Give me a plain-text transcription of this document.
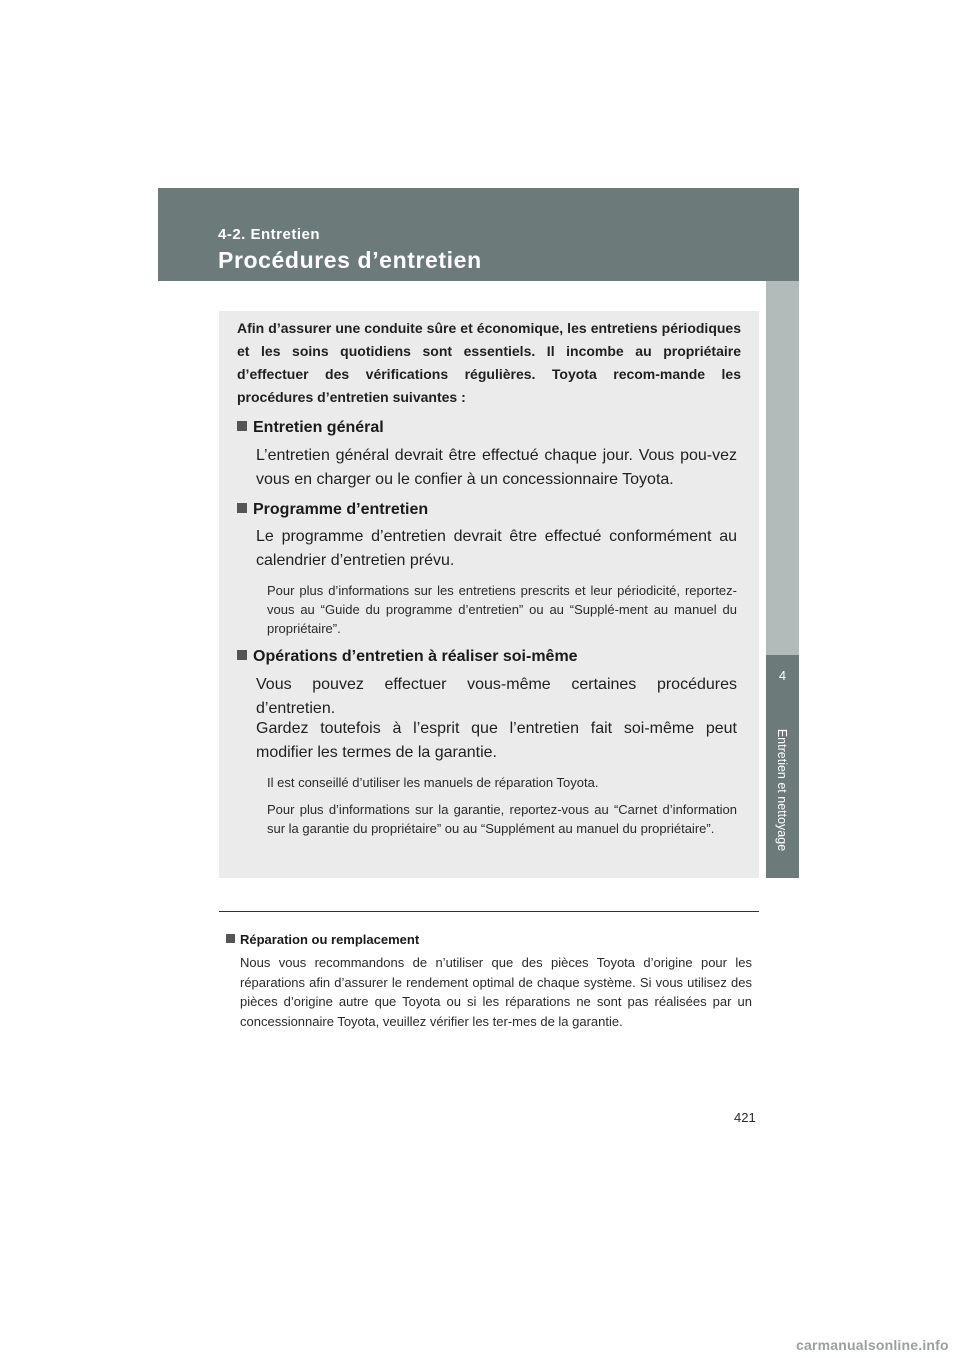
4-2. Entretien
Procédures d’entretien
4
Entretien et nettoyage
Afin d’assurer une conduite sûre et économique, les entretiens périodiques et les soins quotidiens sont essentiels. Il incombe au propriétaire d’effectuer des vérifications régulières. Toyota recom-mande les procédures d’entretien suivantes :
Entretien général
L’entretien général devrait être effectué chaque jour. Vous pou-vez vous en charger ou le confier à un concessionnaire Toyota.
Programme d’entretien
Le programme d’entretien devrait être effectué conformément au calendrier d’entretien prévu.
Pour plus d’informations sur les entretiens prescrits et leur périodicité, reportez-vous au “Guide du programme d’entretien” ou au “Supplé-ment au manuel du propriétaire”.
Opérations d’entretien à réaliser soi-même
Vous pouvez effectuer vous-même certaines procédures d’entretien.
Gardez toutefois à l’esprit que l’entretien fait soi-même peut modifier les termes de la garantie.
Il est conseillé d’utiliser les manuels de réparation Toyota.
Pour plus d’informations sur la garantie, reportez-vous au “Carnet d’information sur la garantie du propriétaire” ou au “Supplément au manuel du propriétaire”.
Réparation ou remplacement
Nous vous recommandons de n’utiliser que des pièces Toyota d’origine pour les réparations afin d’assurer le rendement optimal de chaque système. Si vous utilisez des pièces d’origine autre que Toyota ou si les réparations ne sont pas réalisées par un concessionnaire Toyota, veuillez vérifier les ter-mes de la garantie.
421
carmanualsonline.info
